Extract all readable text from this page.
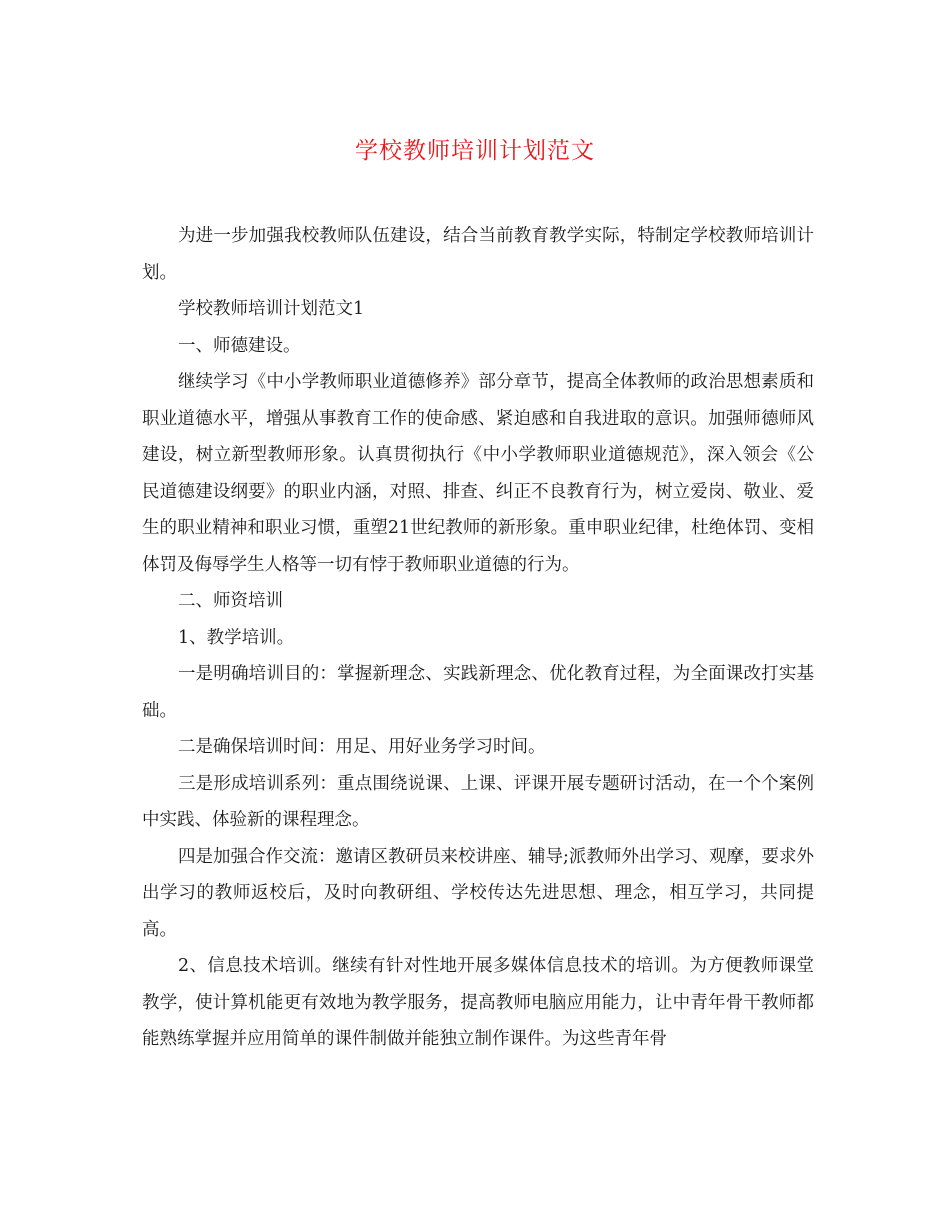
学校教师培训计划范文

为进一步加强我校教师队伍建设，结合当前教育教学实际，特制定学校教师培训计划。

学校教师培训计划范文1

一、师德建设。

继续学习《中小学教师职业道德修养》部分章节，提高全体教师的政治思想素质和职业道德水平，增强从事教育工作的使命感、紧迫感和自我进取的意识。加强师德师风建设，树立新型教师形象。认真贯彻执行《中小学教师职业道德规范》，深入领会《公民道德建设纲要》的职业内涵，对照、排查、纠正不良教育行为，树立爱岗、敬业、爱生的职业精神和职业习惯，重塑21世纪教师的新形象。重申职业纪律，杜绝体罚、变相体罚及侮辱学生人格等一切有悖于教师职业道德的行为。

二、师资培训

1、教学培训。

一是明确培训目的：掌握新理念、实践新理念、优化教育过程，为全面课改打实基础。

二是确保培训时间：用足、用好业务学习时间。

三是形成培训系列：重点围绕说课、上课、评课开展专题研讨活动，在一个个案例中实践、体验新的课程理念。

四是加强合作交流：邀请区教研员来校讲座、辅导;派教师外出学习、观摩，要求外出学习的教师返校后，及时向教研组、学校传达先进思想、理念，相互学习，共同提高。

2、信息技术培训。继续有针对性地开展多媒体信息技术的培训。为方便教师课堂教学，使计算机能更有效地为教学服务，提高教师电脑应用能力，让中青年骨干教师都能熟练掌握并应用简单的课件制做并能独立制作课件。为这些青年骨
